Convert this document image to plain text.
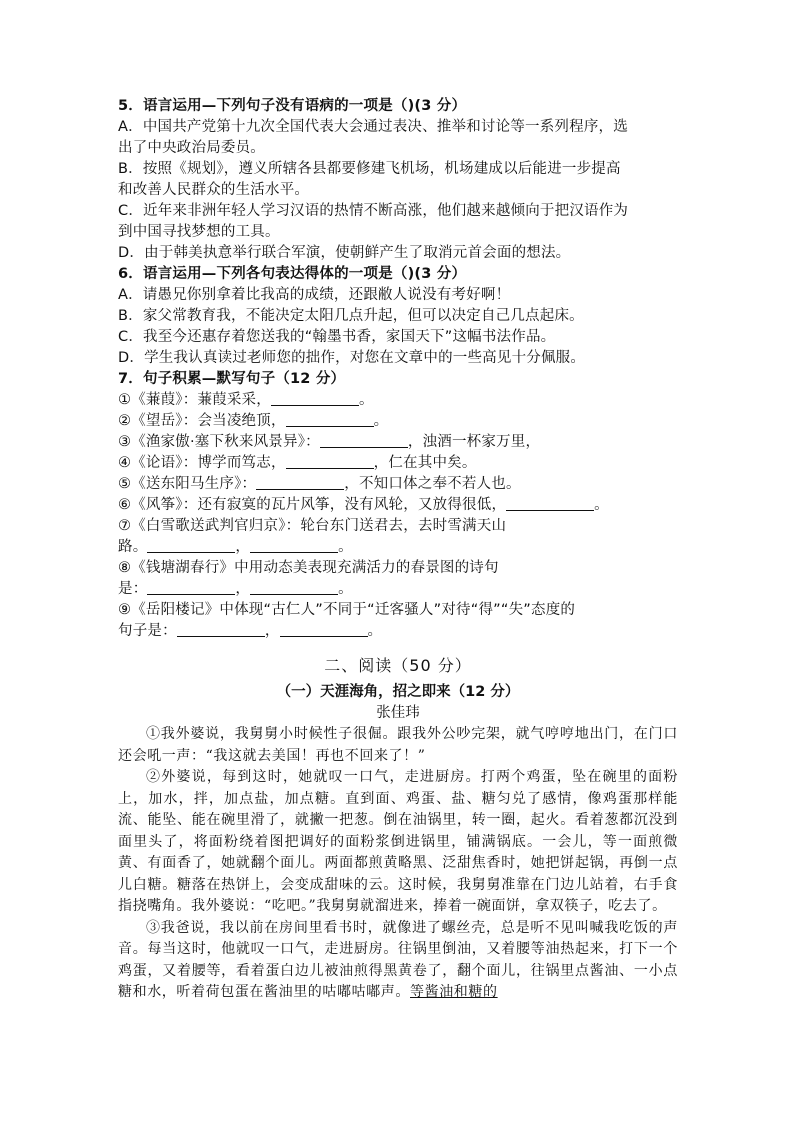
5．语言运用—下列句子没有语病的一项是（)(3 分）
A．中国共产党第十九次全国代表大会通过表决、推举和讨论等一系列程序，选
出了中央政治局委员。
B．按照《规划》，遵义所辖各县都要修建飞机场，机场建成以后能进一步提高
和改善人民群众的生活水平。
C．近年来非洲年轻人学习汉语的热情不断高涨，他们越来越倾向于把汉语作为
到中国寻找梦想的工具。
D．由于韩美执意举行联合军演，使朝鲜产生了取消元首会面的想法。
6．语言运用—下列各句表达得体的一项是（)(3 分）
A．请愚兄你别拿着比我高的成绩，还跟敝人说没有考好啊！
B．家父常教育我，不能决定太阳几点升起，但可以决定自己几点起床。
C．我至今还惠存着您送我的“翰墨书香，家国天下”这幅书法作品。
D．学生我认真读过老师您的拙作，对您在文章中的一些高见十分佩服。
7．句子积累—默写句子（12 分）
①《蒹葭》：蒹葭采采，	。
②《望岳》：会当凌绝顶，	。
③《渔家傲·塞下秋来风景异》：	，浊酒一杯家万里，
④《论语》：博学而笃志，	，仁在其中矣。
⑤《送东阳马生序》：	，不知口体之奉不若人也。
⑥《风筝》：还有寂寞的瓦片风筝，没有风轮，又放得很低，	。
⑦《白雪歌送武判官归京》：轮台东门送君去，去时雪满天山
路。	，	。
⑧《钱塘湖春行》中用动态美表现充满活力的春景图的诗句
是：	，	。
⑨《岳阳楼记》中体现“古仁人”不同于“迁客骚人”对待“得”“失”态度的
句子是：	，	。
二、阅读（50 分）
（一）天涯海角，招之即来（12 分）
张佳玮

①我外婆说，我舅舅小时候性子很倔。跟我外公吵完架，就气哼哼地出门，在门口还会吼一声：“我这就去美国！再也不回来了！”

②外婆说，每到这时，她就叹一口气，走进厨房。打两个鸡蛋，坠在碗里的面粉上，加水，拌，加点盐，加点糖。直到面、鸡蛋、盐、糖匀兑了感情，像鸡蛋那样能流、能坠、能在碗里滑了，就撇一把葱。倒在油锅里，转一圈，起火。看着葱都沉没到面里头了，将面粉绕着图把调好的面粉浆倒进锅里，铺满锅底。一会儿，等一面煎微黄、有面香了，她就翻个面儿。两面都煎黄略黑、泛甜焦香时，她把饼起锅，再倒一点儿白糖。糖落在热饼上，会变成甜味的云。这时候，我舅舅准靠在门边儿站着，右手食指挠嘴角。我外婆说：“吃吧。”我舅舅就溜进来，捧着一碗面饼，拿双筷子，吃去了。

③我爸说，我以前在房间里看书时，就像进了螺丝壳，总是听不见叫喊我吃饭的声音。每当这时，他就叹一口气，走进厨房。往锅里倒油，又着腰等油热起来，打下一个鸡蛋，又着腰等，看着蛋白边儿被油煎得黑黄卷了，翻个面儿，往锅里点酱油、一小点糖和水，听着荷包蛋在酱油里的咕嘟咕嘟声。等酱油和糖的
